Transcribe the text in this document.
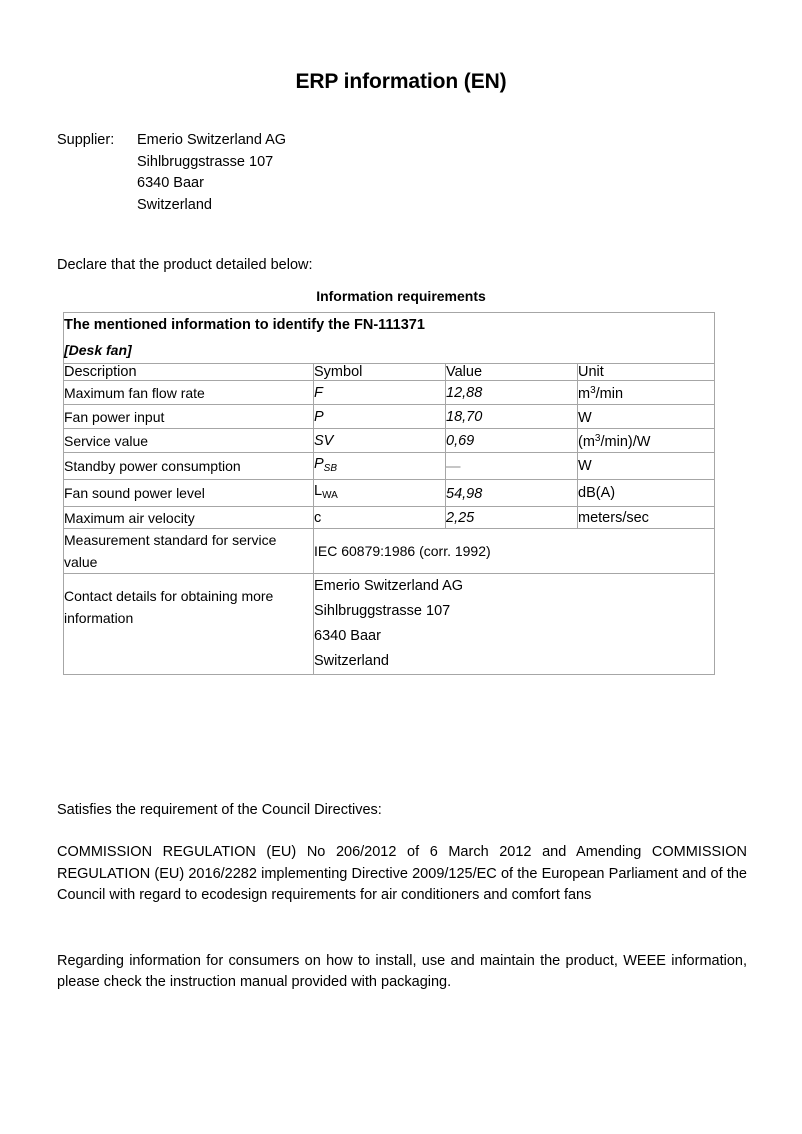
ERP information (EN)
Supplier:	Emerio Switzerland AG
Sihlbruggstrasse 107
6340 Baar
Switzerland
Declare that the product detailed below:
Information requirements
The mentioned information to identify the FN-111371
[Desk fan]			

Description	Symbol	Value	Unit
Maximum fan flow rate	F	12,88	$m^3/\min$
Fan power input	P	18,70	W
Service value	SV	0,69	$(m^3/\min)/W$
Standby power consumption	$P_{SB}$	—	W
Fan sound power level	$L_{WA}$	54,98	dB(A)
Maximum air velocity	c	2,25	meters/sec
Measurement standard for service value	IEC 60879:1986 (corr. 1992)		
Contact details for obtaining more information	Emerio Switzerland AG
Sihlbruggstrasse 107
6340 Baar
Switzerland		

Satisfies the requirement of the Council Directives:

COMMISSION REGULATION (EU) No 206/2012 of 6 March 2012 and Amending COMMISSION REGULATION (EU) 2016/2282 implementing Directive 2009/125/EC of the European Parliament and of the Council with regard to ecodesign requirements for air conditioners and comfort fans

Regarding information for consumers on how to install, use and maintain the product, WEEE information, please check the instruction manual provided with packaging.
